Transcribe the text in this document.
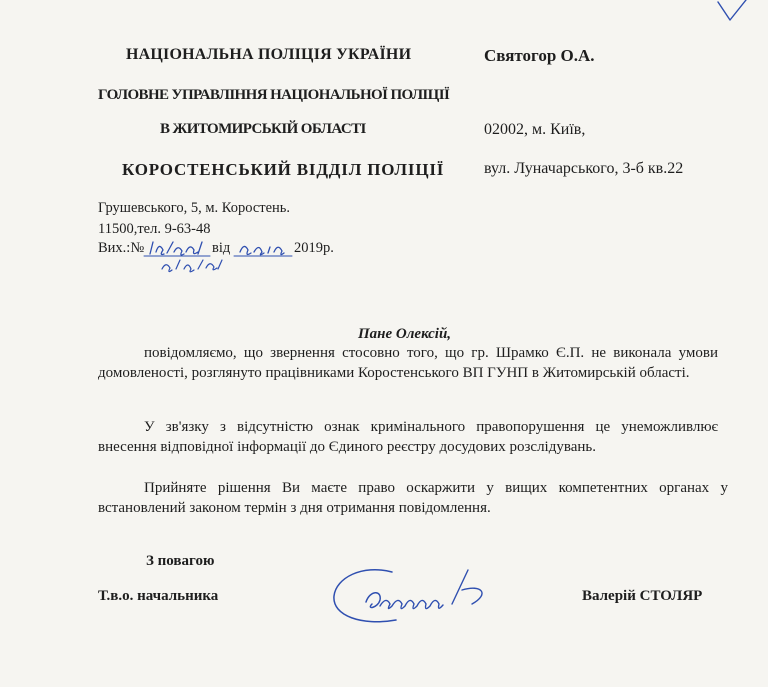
НАЦІОНАЛЬНА ПОЛІЦІЯ УКРАЇНИ
ГОЛОВНЕ УПРАВЛІННЯ НАЦІОНАЛЬНОЇ ПОЛІЦІЇ
В ЖИТОМИРСЬКІЙ ОБЛАСТІ
КОРОСТЕНСЬКИЙ ВІДДІЛ ПОЛІЦІЇ
Святогор О.А.
02002, м. Київ,
вул. Луначарського, 3-б кв.22
Грушевського, 5, м. Коростень.
11500,тел. 9-63-48
Вих.:№	від	2019р.
Пане Олексій,
повідомляємо, що звернення стосовно того, що гр. Шрамко Є.П. не виконала умови домовленості, розглянуто працівниками Коростенського ВП ГУНП в Житомирській області.
У зв'язку з відсутністю ознак кримінального правопорушення це унеможливлює внесення відповідної інформації до Єдиного реєстру досудових розслідувань.
Прийняте рішення Ви маєте право оскаржити у вищих компетентних органах у встановлений законом термін з дня отримання повідомлення.
З повагою
Т.в.о. начальника	Валерій СТОЛЯР
